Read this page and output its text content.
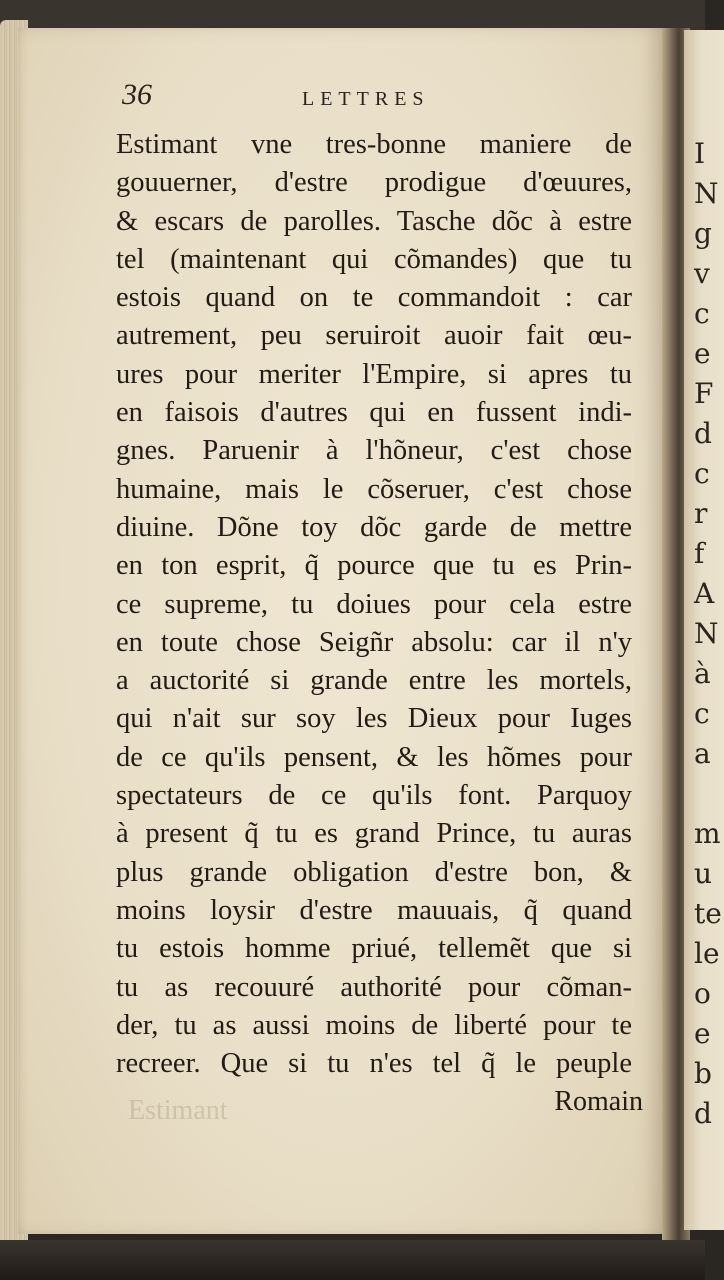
I
N
g
v
c
e
F
d
c
r
f
A
N
à
c
a
m
u
te
le
o
e
b
d
36	LETTRES
Estimant vne tres-bonne maniere de
gouuerner, d'estre prodigue d'œuures,
& escars de parolles. Tasche dõc à estre
tel (maintenant qui cõmandes) que tu
estois quand on te commandoit : car
autrement, peu seruiroit auoir fait œu-
ures pour meriter l'Empire, si apres tu
en faisois d'autres qui en fussent indi-
gnes. Paruenir à l'hõneur, c'est chose
humaine, mais le cõseruer, c'est chose
diuine. Dõne toy dõc garde de mettre
en ton esprit, q̃ pource que tu es Prin-
ce supreme, tu doiues pour cela estre
en toute chose Seigñr absolu: car il n'y
a auctorité si grande entre les mortels,
qui n'ait sur soy les Dieux pour Iuges
de ce qu'ils pensent, & les hõmes pour
spectateurs de ce qu'ils font. Parquoy
à present q̃ tu es grand Prince, tu auras
plus grande obligation d'estre bon, &
moins loysir d'estre mauuais, q̃ quand
tu estois homme priué, tellemẽt que si
tu as recouuré authorité pour cõman-
der, tu as aussi moins de liberté pour te
recreer. Que si tu n'es tel q̃ le peuple
Estimant	Romain
